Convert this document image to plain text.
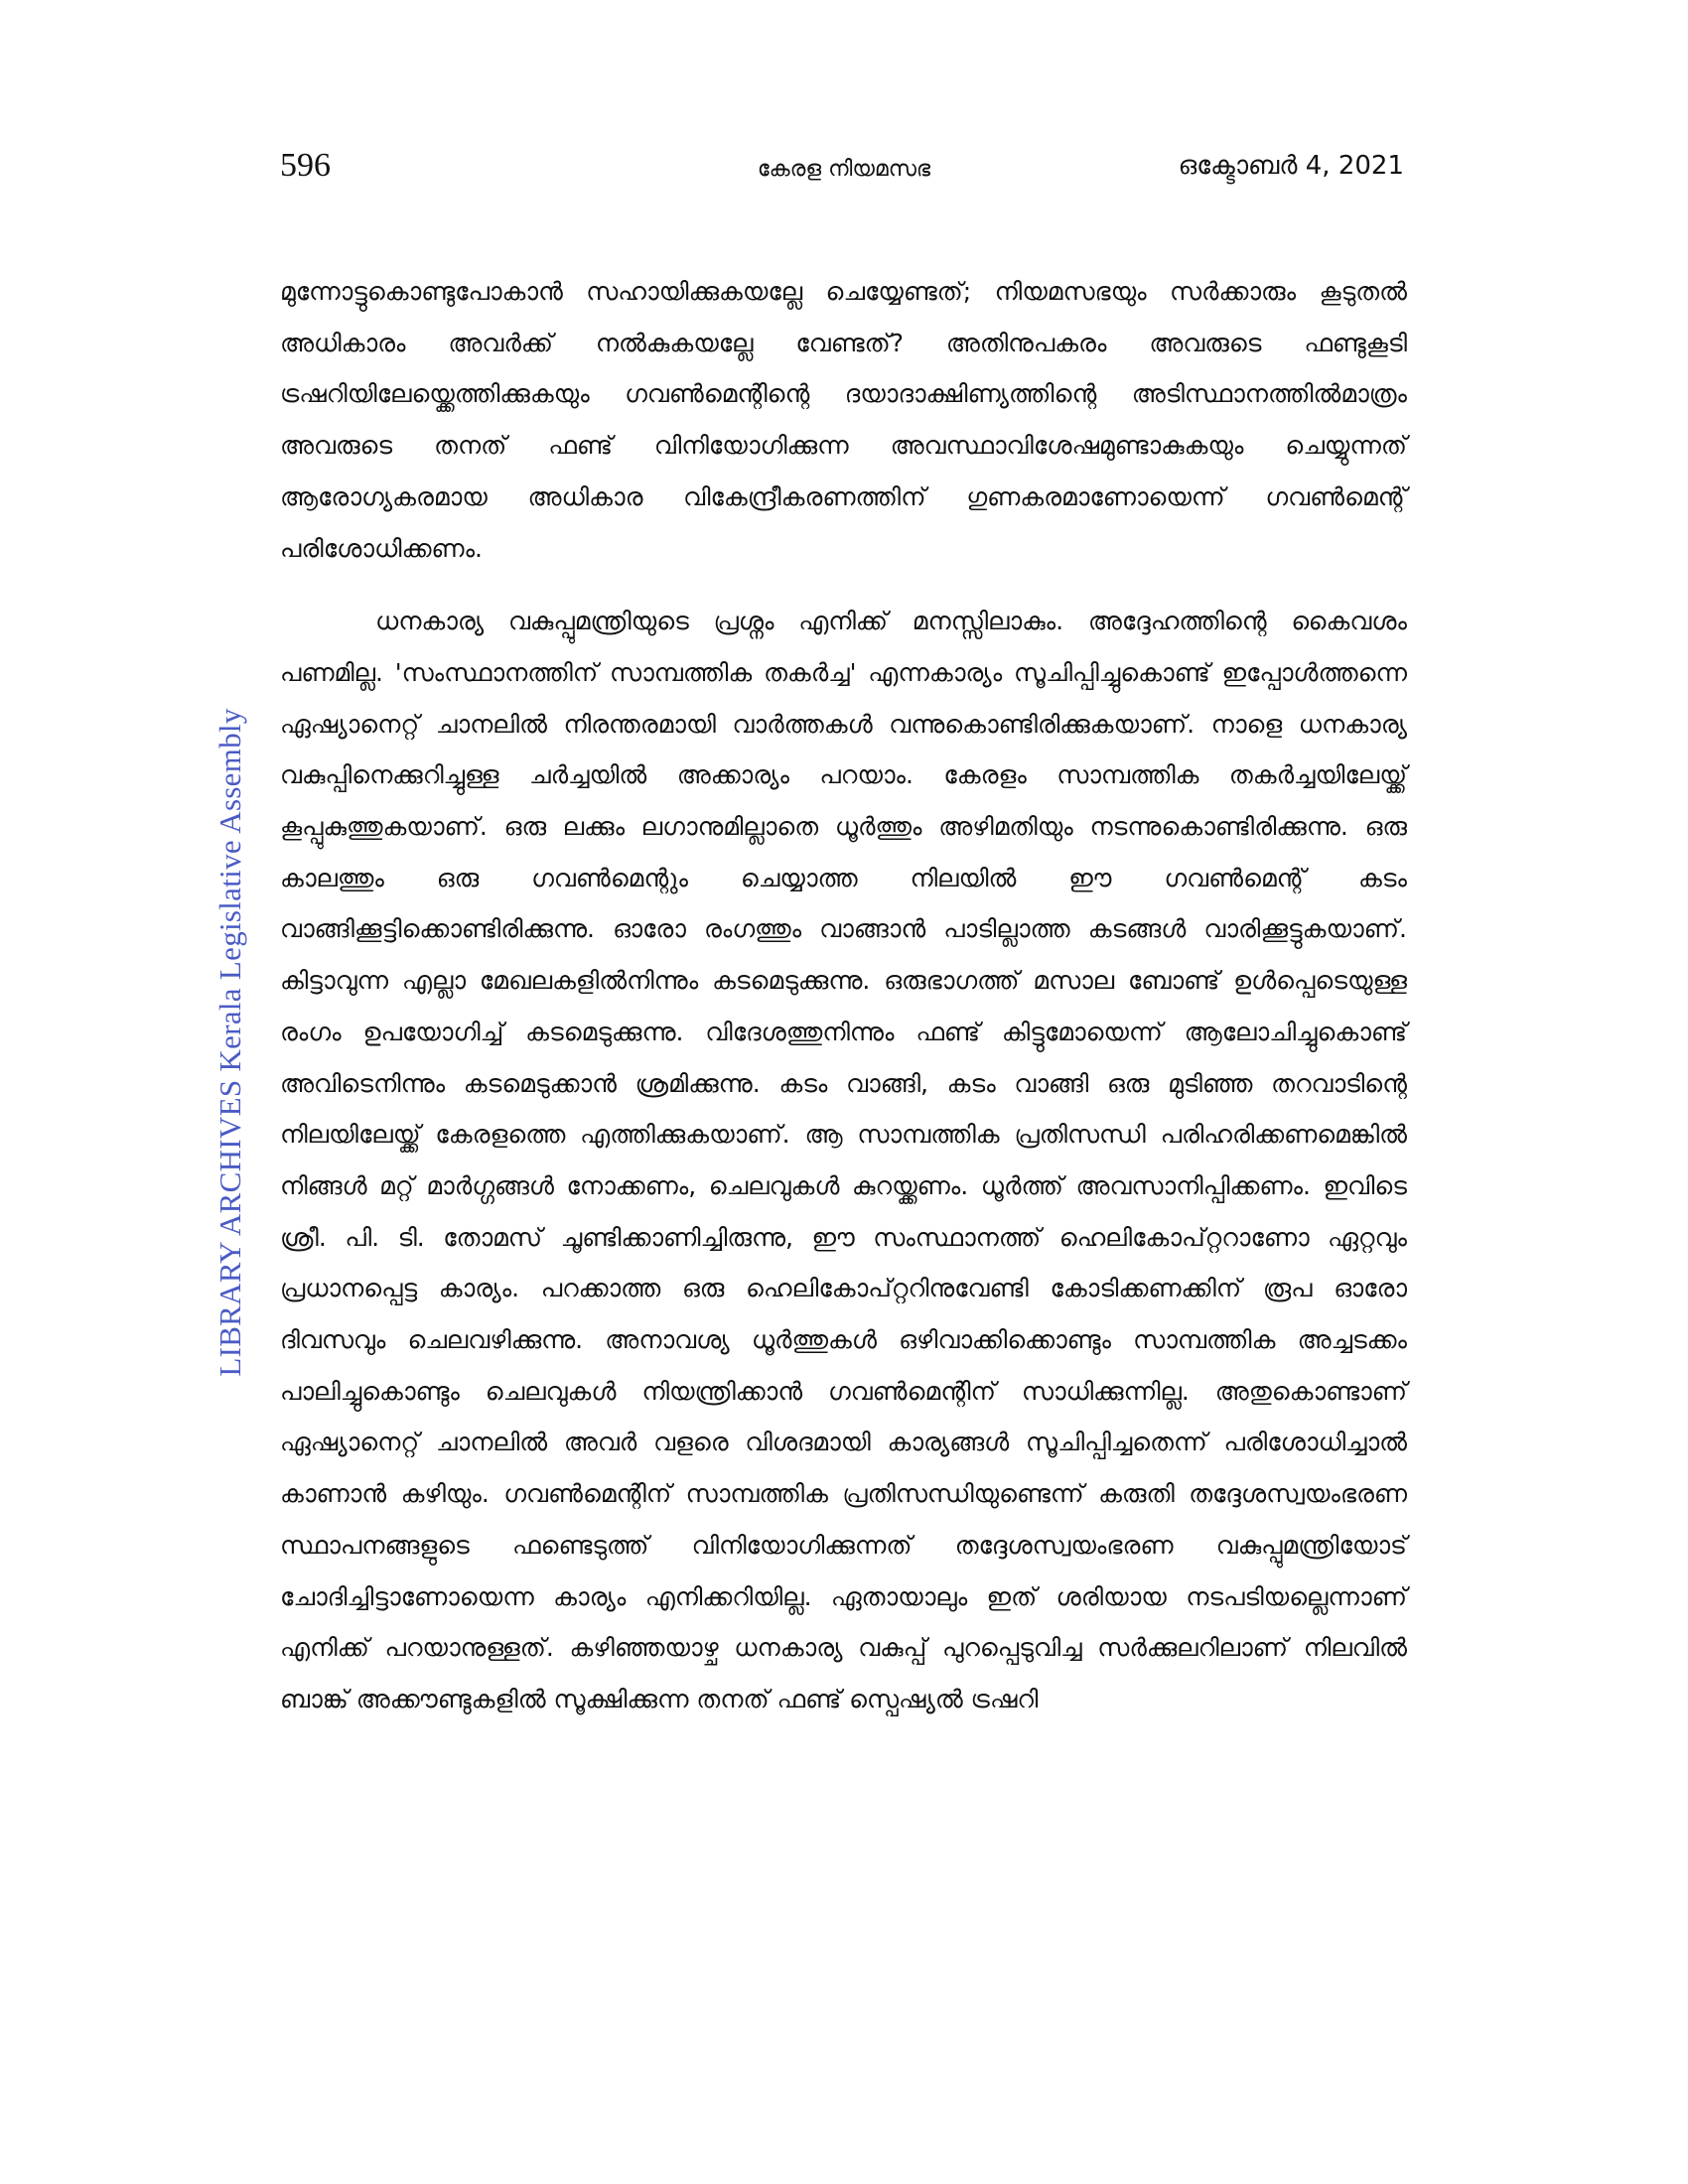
596	കേരള നിയമസഭ	ഒക്ടോബർ 4, 2021
LIBRARY ARCHIVES Kerala Legislative Assembly

മുന്നോട്ടുകൊണ്ടുപോകാൻ സഹായിക്കുകയല്ലേ ചെയ്യേണ്ടത്; നിയമസഭയും സർക്കാരും കൂടുതൽ അധികാരം അവർക്ക് നൽകുകയല്ലേ വേണ്ടത്? അതിനുപകരം അവരുടെ ഫണ്ടുകൂടി ട്രഷറിയിലേയ്ക്കെത്തിക്കുകയും ഗവൺമെന്റിന്റെ ദയാദാക്ഷിണ്യത്തിന്റെ അടിസ്ഥാനത്തിൽമാത്രം അവരുടെ തനത് ഫണ്ട് വിനിയോഗിക്കുന്ന അവസ്ഥാവിശേഷമുണ്ടാകുകയും ചെയ്യുന്നത് ആരോഗ്യകരമായ അധികാര വികേന്ദ്രീകരണത്തിന് ഗുണകരമാണോയെന്ന് ഗവൺമെന്റ് പരിശോധിക്കണം.

ധനകാര്യ വകുപ്പുമന്ത്രിയുടെ പ്രശ്നം എനിക്ക് മനസ്സിലാകും. അദ്ദേഹത്തിന്റെ കൈവശം പണമില്ല. 'സംസ്ഥാനത്തിന് സാമ്പത്തിക തകർച്ച' എന്നകാര്യം സൂചിപ്പിച്ചുകൊണ്ട് ഇപ്പോൾത്തന്നെ ഏഷ്യാനെറ്റ് ചാനലിൽ നിരന്തരമായി വാർത്തകൾ വന്നുകൊണ്ടിരിക്കുകയാണ്. നാളെ ധനകാര്യ വകുപ്പിനെക്കുറിച്ചുള്ള ചർച്ചയിൽ അക്കാര്യം പറയാം. കേരളം സാമ്പത്തിക തകർച്ചയിലേയ്ക്ക് കൂപ്പുകുത്തുകയാണ്. ഒരു ലക്കും ലഗാനുമില്ലാതെ ധൂർത്തും അഴിമതിയും നടന്നുകൊണ്ടിരിക്കുന്നു. ഒരു കാലത്തും ഒരു ഗവൺമെന്റും ചെയ്യാത്ത നിലയിൽ ഈ ഗവൺമെന്റ് കടം വാങ്ങിക്കൂട്ടിക്കൊണ്ടിരിക്കുന്നു. ഓരോ രംഗത്തും വാങ്ങാൻ പാടില്ലാത്ത കടങ്ങൾ വാരിക്കൂട്ടുകയാണ്. കിട്ടാവുന്ന എല്ലാ മേഖലകളിൽനിന്നും കടമെടുക്കുന്നു. ഒരുഭാഗത്ത് മസാല ബോണ്ട് ഉൾപ്പെടെയുള്ള രംഗം ഉപയോഗിച്ച് കടമെടുക്കുന്നു. വിദേശത്തുനിന്നും ഫണ്ട് കിട്ടുമോയെന്ന് ആലോചിച്ചുകൊണ്ട് അവിടെനിന്നും കടമെടുക്കാൻ ശ്രമിക്കുന്നു. കടം വാങ്ങി, കടം വാങ്ങി ഒരു മുടിഞ്ഞ തറവാടിന്റെ നിലയിലേയ്ക്ക് കേരളത്തെ എത്തിക്കുകയാണ്. ആ സാമ്പത്തിക പ്രതിസന്ധി പരിഹരിക്കണമെങ്കിൽ നിങ്ങൾ മറ്റ് മാർഗ്ഗങ്ങൾ നോക്കണം, ചെലവുകൾ കുറയ്ക്കണം. ധൂർത്ത് അവസാനിപ്പിക്കണം. ഇവിടെ ശ്രീ. പി. ടി. തോമസ് ചൂണ്ടിക്കാണിച്ചിരുന്നു, ഈ സംസ്ഥാനത്ത് ഹെലികോപ്റ്ററാണോ ഏറ്റവും പ്രധാനപ്പെട്ട കാര്യം. പറക്കാത്ത ഒരു ഹെലികോപ്റ്ററിനുവേണ്ടി കോടിക്കണക്കിന് രൂപ ഓരോ ദിവസവും ചെലവഴിക്കുന്നു. അനാവശ്യ ധൂർത്തുകൾ ഒഴിവാക്കിക്കൊണ്ടും സാമ്പത്തിക അച്ചടക്കം പാലിച്ചുകൊണ്ടും ചെലവുകൾ നിയന്ത്രിക്കാൻ ഗവൺമെന്റിന് സാധിക്കുന്നില്ല. അതുകൊണ്ടാണ് ഏഷ്യാനെറ്റ് ചാനലിൽ അവർ വളരെ വിശദമായി കാര്യങ്ങൾ സൂചിപ്പിച്ചതെന്ന് പരിശോധിച്ചാൽ കാണാൻ കഴിയും. ഗവൺമെന്റിന് സാമ്പത്തിക പ്രതിസന്ധിയുണ്ടെന്ന് കരുതി തദ്ദേശസ്വയംഭരണ സ്ഥാപനങ്ങളുടെ ഫണ്ടെടുത്ത് വിനിയോഗിക്കുന്നത് തദ്ദേശസ്വയംഭരണ വകുപ്പുമന്ത്രിയോട് ചോദിച്ചിട്ടാണോയെന്ന കാര്യം എനിക്കറിയില്ല. ഏതായാലും ഇത് ശരിയായ നടപടിയല്ലെന്നാണ് എനിക്ക് പറയാനുള്ളത്. കഴിഞ്ഞയാഴ്ച ധനകാര്യ വകുപ്പ് പുറപ്പെടുവിച്ച സർക്കുലറിലാണ് നിലവിൽ ബാങ്ക് അക്കൗണ്ടുകളിൽ സൂക്ഷിക്കുന്ന തനത് ഫണ്ട് സ്പെഷ്യൽ ട്രഷറി
